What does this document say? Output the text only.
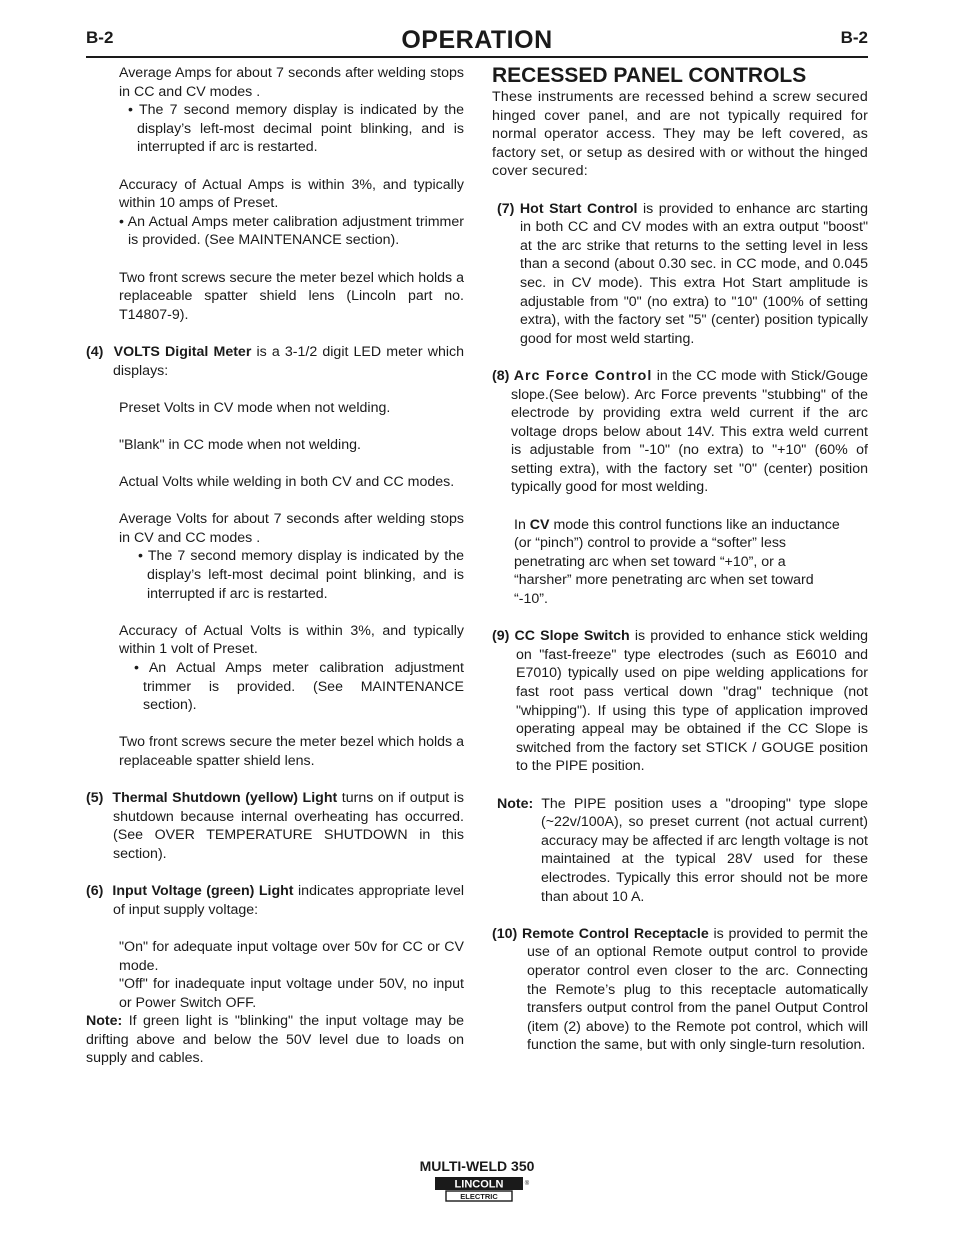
B-2	OPERATION	B-2

Average Amps for about 7 seconds after welding stops in CC and CV modes .

• The 7 second memory display is indicated by the display’s left-most decimal point blinking, and is interrupted if arc is restarted.

Accuracy of Actual Amps is within 3%, and typically within 10 amps of Preset.

• An Actual Amps meter calibration adjustment trimmer is provided. (See MAINTENANCE section).

Two front screws secure the meter bezel which holds a replaceable spatter shield lens (Lincoln part no. T14807-9).

(4) VOLTS Digital Meter is a 3-1/2 digit LED meter which displays:

Preset Volts in CV mode when not welding.

"Blank" in CC mode when not welding.

Actual Volts while welding in both CV and CC modes.

Average Volts for about 7 seconds after welding stops in CV and CC modes .

• The 7 second memory display is indicated by the display’s left-most decimal point blinking, and is interrupted if arc is restarted.

Accuracy of Actual Volts is within 3%, and typically within 1 volt of Preset.

• An Actual Amps meter calibration adjustment trimmer is provided. (See MAINTENANCE section).

Two front screws secure the meter bezel which holds a replaceable spatter shield lens.

(5) Thermal Shutdown (yellow) Light turns on if output is shutdown because internal overheating has occurred. (See OVER TEMPERATURE SHUTDOWN in this section).

(6) Input Voltage (green) Light indicates appropriate level of input supply voltage:

"On" for adequate input voltage over 50v for CC or CV mode.

"Off" for inadequate input voltage under 50V, no input or Power Switch OFF.

Note: If green light is "blinking" the input voltage may be drifting above and below the 50V level due to loads on supply and cables.

RECESSED PANEL CONTROLS

These instruments are recessed behind a screw secured hinged cover panel, and are not typically required for normal operator access. They may be left covered, as factory set, or setup as desired with or without the hinged cover secured:

(7) Hot Start Control is provided to enhance arc starting in both CC and CV modes with an extra output "boost" at the arc strike that returns to the setting level in less than a second (about 0.30 sec. in CC mode, and 0.045 sec. in CV mode). This extra Hot Start amplitude is adjustable from "0" (no extra) to "10" (100% of setting extra), with the factory set "5" (center) position typically good for most weld starting.

(8) Arc Force Control in the CC mode with Stick/Gouge slope.(See below). Arc Force prevents "stubbing" of the electrode by providing extra weld current if the arc voltage drops below about 14V. This extra weld current is adjustable from "-10" (no extra) to "+10" (60% of setting extra), with the factory set "0" (center) position typically good for most welding.

In CV mode this control functions like an inductance (or “pinch”) control to provide a “softer” less penetrating arc when set toward “+10”, or a “harsher” more penetrating arc when set toward “-10”.

(9) CC Slope Switch is provided to enhance stick welding on "fast-freeze" type electrodes (such as E6010 and E7010) typically used on pipe welding applications for fast root pass vertical down "drag" technique (not "whipping"). If using this type of application improved operating appeal may be obtained if the CC Slope is switched from the factory set STICK / GOUGE position to the PIPE position.

Note: The PIPE position uses a "drooping" type slope (~22v/100A), so preset current (not actual current) accuracy may be affected if arc length voltage is not maintained at the typical 28V used for these electrodes. Typically this error should not be more than about 10 A.

(10) Remote Control Receptacle is provided to permit the use of an optional Remote output control to provide operator control even closer to the arc. Connecting the Remote’s plug to this receptacle automatically transfers output control from the panel Output Control (item (2) above) to the Remote pot control, which will function the same, but with only single-turn resolution.

MULTI-WELD 350
LINCOLN
ELECTRIC
®
